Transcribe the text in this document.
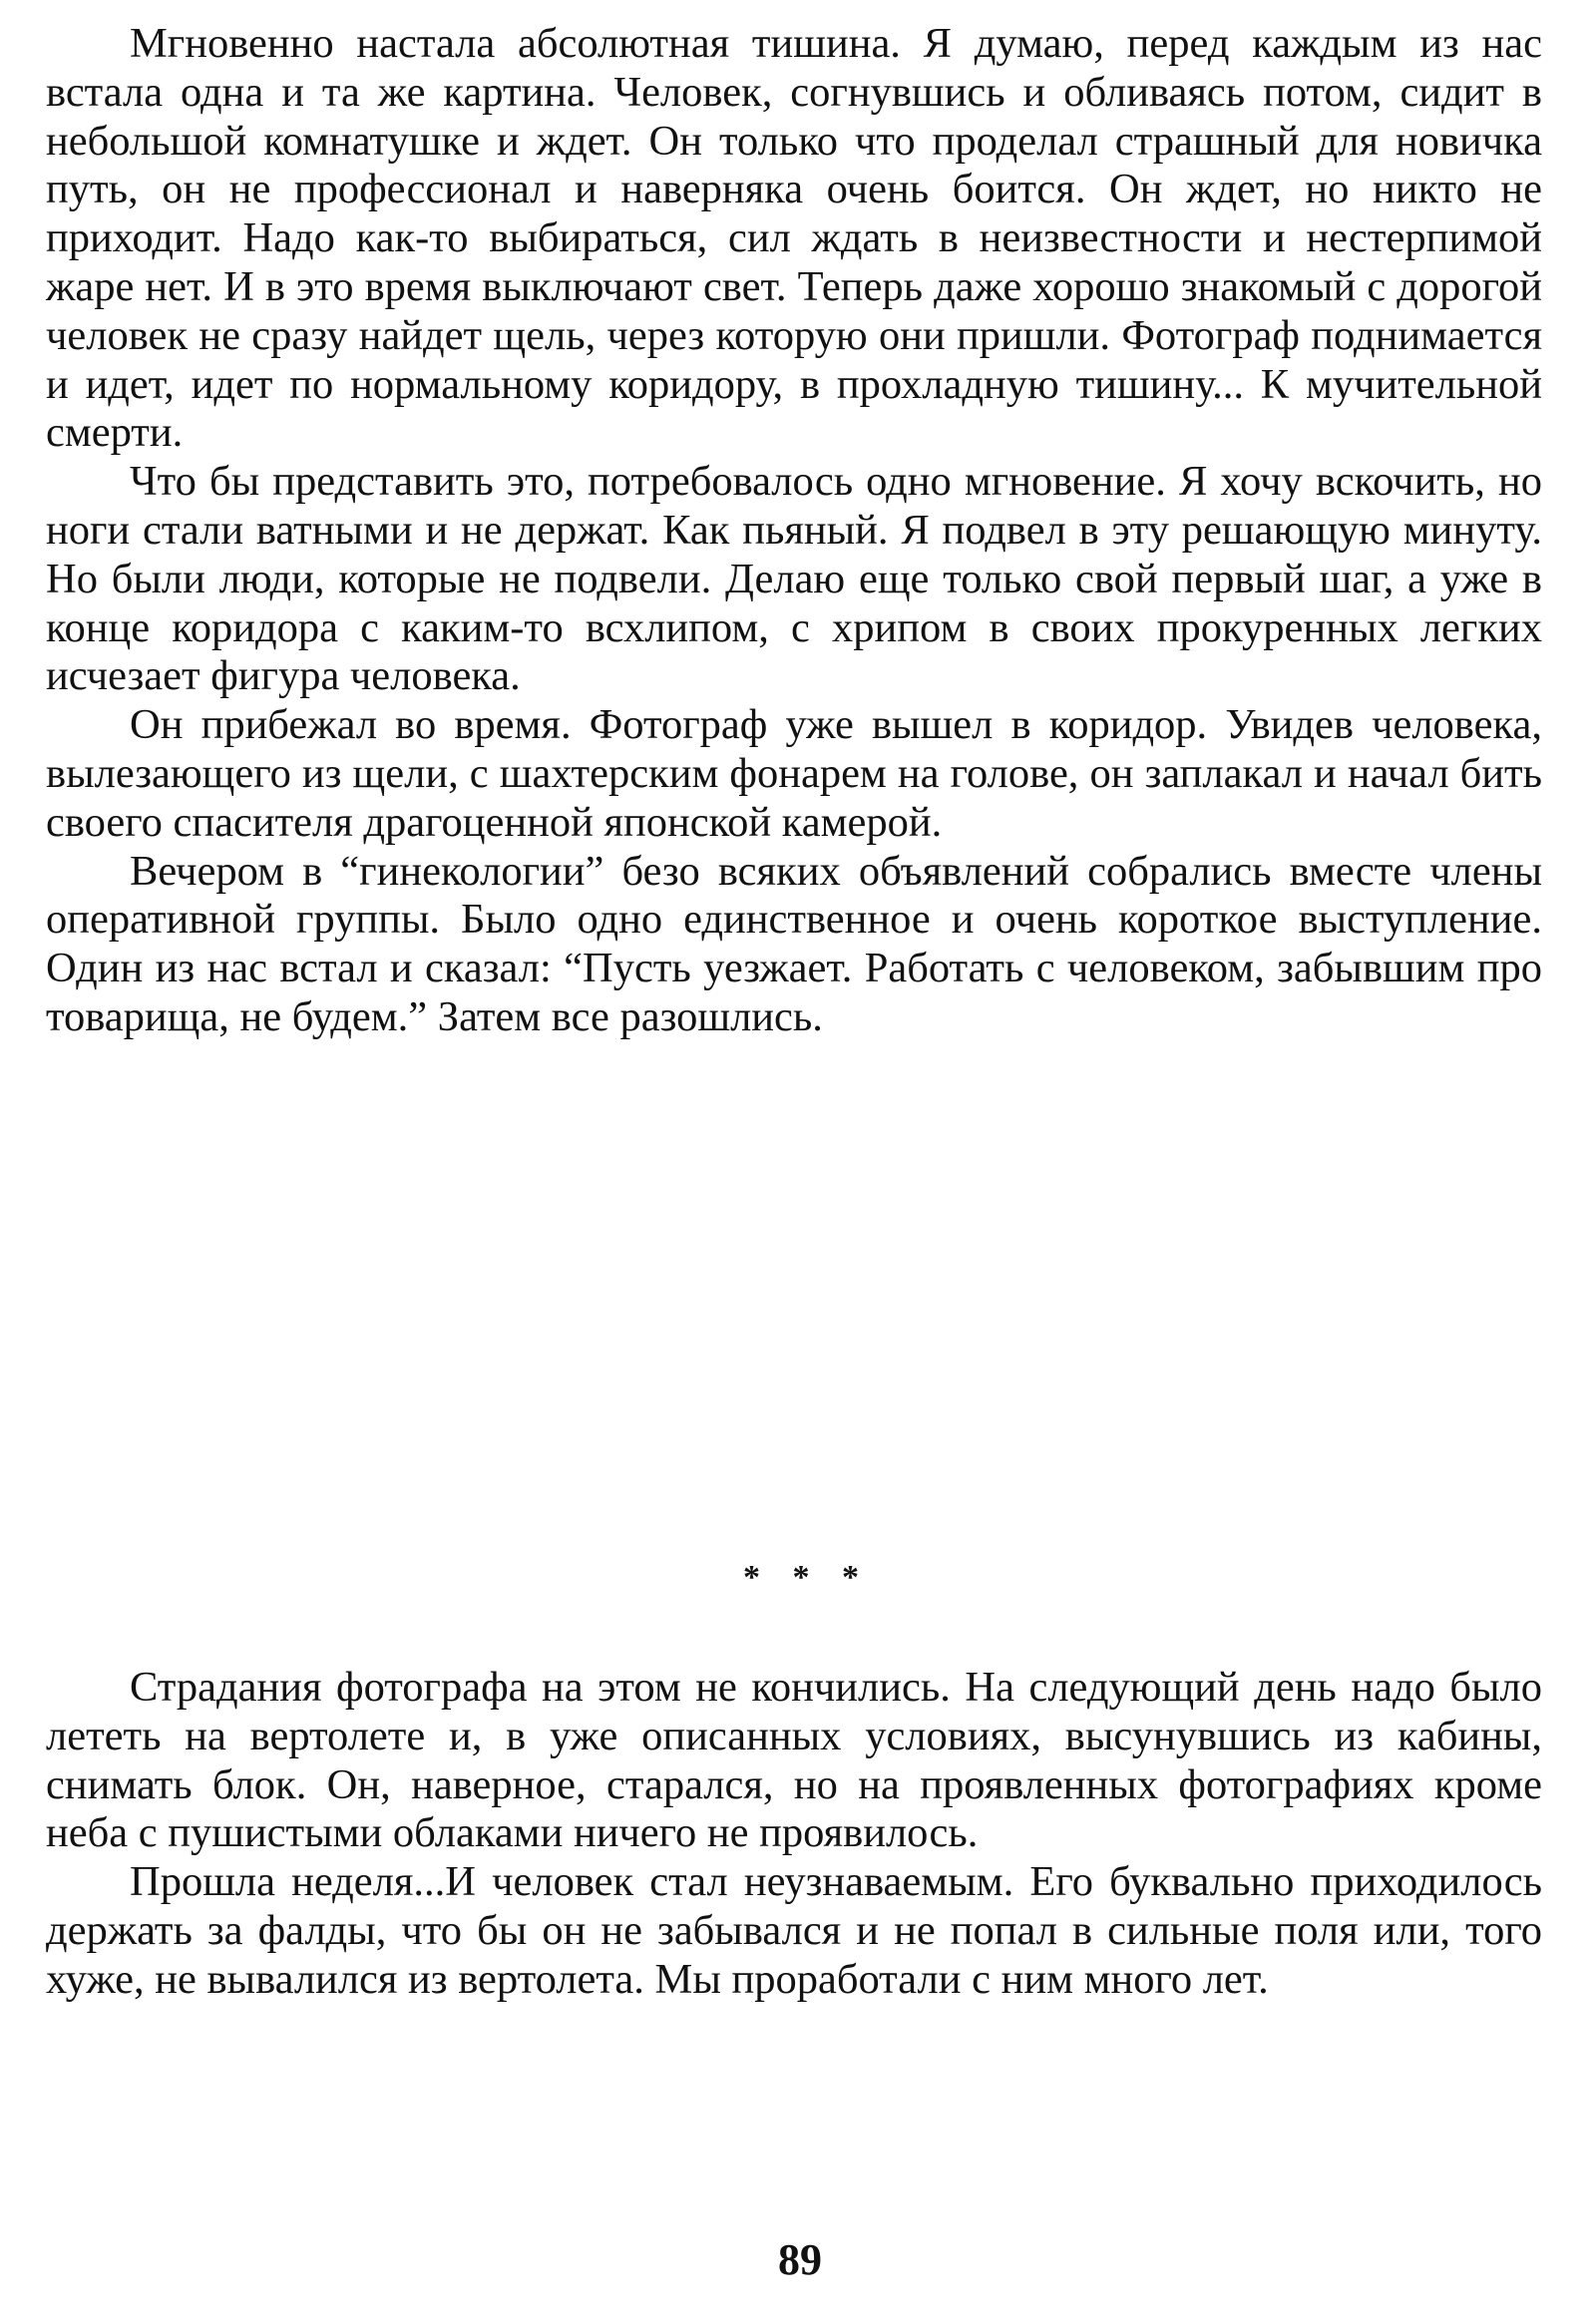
Мгновенно настала абсолютная тишина. Я думаю, перед каждым из нас встала одна и та же картина. Человек, согнувшись и обливаясь потом, сидит в небольшой комнатушке и ждет. Он только что проделал страшный для новичка путь, он не профессионал и наверняка очень боится. Он ждет, но никто не приходит. Надо как-то выбираться, сил ждать в неизвестности и нестерпимой жаре нет. И в это время выключают свет. Теперь даже хорошо знакомый с дорогой человек не сразу найдет щель, через которую они пришли. Фотограф поднимается и идет, идет по нормальному коридору, в прохладную тишину... К мучительной смерти.

Что бы представить это, потребовалось одно мгновение. Я хочу вскочить, но ноги стали ватными и не держат. Как пьяный. Я подвел в эту решающую минуту. Но были люди, которые не подвели. Делаю еще только свой первый шаг, а уже в конце коридора с каким-то всхлипом, с хрипом в своих прокуренных легких исчезает фигура человека.

Он прибежал во время. Фотограф уже вышел в коридор. Увидев человека, вылезающего из щели, с шахтерским фонарем на голове, он заплакал и начал бить своего спасителя драгоценной японской камерой.

Вечером в “гинекологии” безо всяких объявлений собрались вместе члены оперативной группы. Было одно единственное и очень короткое выступление. Один из нас встал и сказал: “Пусть уезжает. Работать с человеком, забывшим про товарища, не будем.” Затем все разошлись.

* * *

Страдания фотографа на этом не кончились. На следующий день надо было лететь на вертолете и, в уже описанных условиях, высунувшись из кабины, снимать блок. Он, наверное, старался, но на проявленных фотографиях кроме неба с пушистыми облаками ничего не проявилось.

Прошла неделя...И человек стал неузнаваемым. Его буквально приходилось держать за фалды, что бы он не забывался и не попал в сильные поля или, того хуже, не вывалился из вертолета. Мы проработали с ним много лет.

89
